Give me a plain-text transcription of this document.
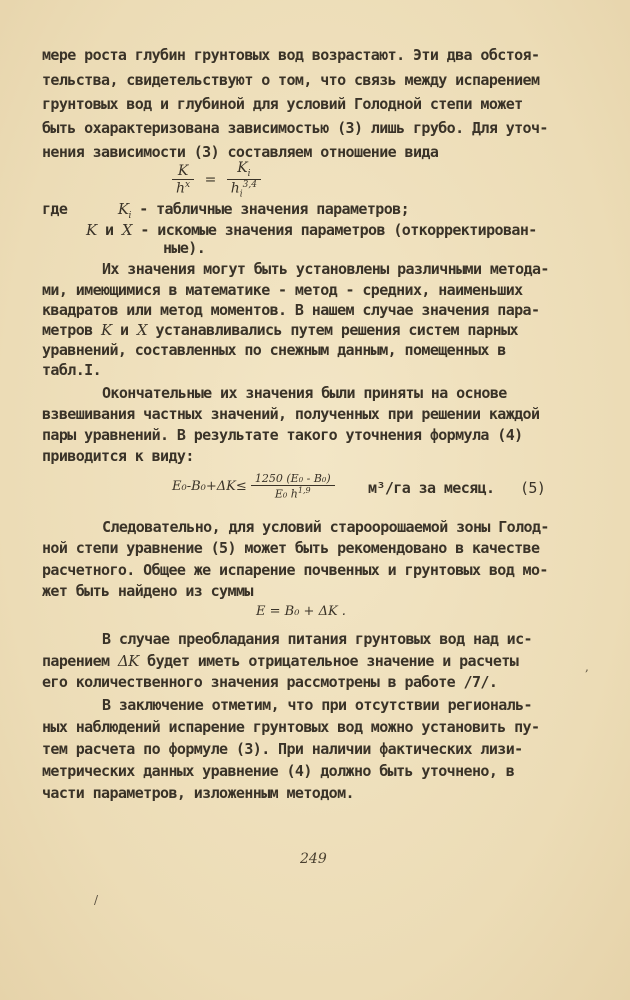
мере роста глубин грунтовых вод возрастают. Эти два обстоя-
тельства, свидетельствуют о том, что связь между испарением
грунтовых вод и глубиной для условий Голодной степи может
быть охарактеризована зависимостью (3) лишь грубо. Для уточ-
нения зависимости (3) составляем отношение вида
$\frac{K}{h^x} = \frac{K_i}{h_i^{3,4}}$
где	$K_i$ - табличные значения параметров;
K и X - искомые значения параметров (откорректирован-
ные).
Их значения могут быть установлены различными метода-
ми, имеющимися в математике - метод - средних, наименьших
квадратов или метод моментов. В нашем случае значения пара-
метров K и X устанавливались путем решения систем парных
уравнений, составленных по снежным данным, помещенных в
табл.I.
Окончательные их значения были приняты на основе
взвешивания частных значений, полученных при решении каждой
пары уравнений. В результате такого уточнения формула (4)
приводится к виду:
$E_0-B_0+\Delta K\le \frac{\text{1250 (E₀ - B₀)}}{E_0 h^{1,9}} м^3/га$ за месяц. (5)
Следовательно, для условий староорошаемой зоны Голод-
ной степи уравнение (5) может быть рекомендовано в качестве
расчетного. Общее же испарение почвенных и грунтовых вод мо-
жет быть найдено из суммы
E = B₀ + ΔK .
В случае преобладания питания грунтовых вод над ис-
парением ΔK будет иметь отрицательное значение и расчеты
его количественного значения рассмотрены в работе /7/.
В заключение отметим, что при отсутствии региональ-
ных наблюдений испарение грунтовых вод можно установить пу-
тем расчета по формуле (3). При наличии фактических лизи-
метрических данных уравнение (4) должно быть уточнено, в
части параметров, изложенным методом.
249
/
,
